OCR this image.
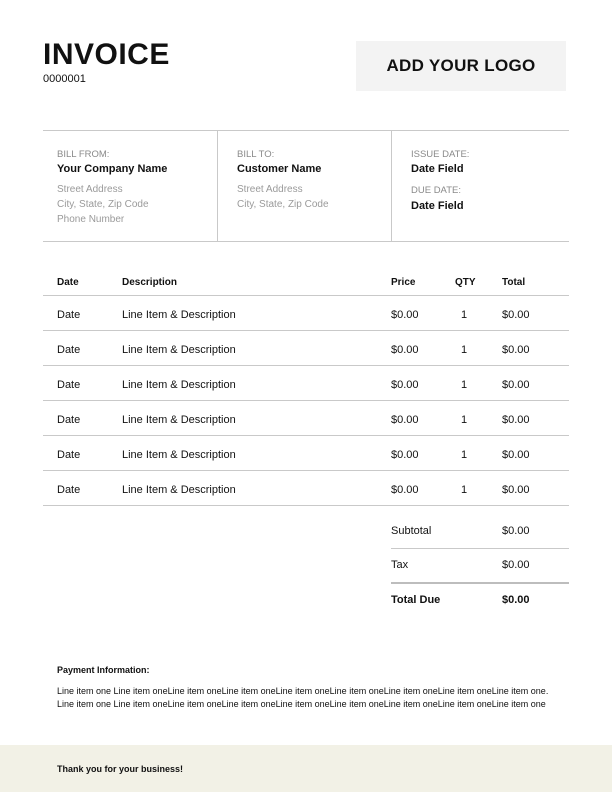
INVOICE
0000001
ADD YOUR LOGO
BILL FROM:
Your Company Name
Street Address
City, State, Zip Code
Phone Number
BILL TO:
Customer Name
Street Address
City, State, Zip Code
ISSUE DATE:
Date Field
DUE DATE:
Date Field
Date	Description	Price	QTY	Total
Date	Line Item & Description	$0.00	1	$0.00
Date	Line Item & Description	$0.00	1	$0.00
Date	Line Item & Description	$0.00	1	$0.00
Date	Line Item & Description	$0.00	1	$0.00
Date	Line Item & Description	$0.00	1	$0.00
Date	Line Item & Description	$0.00	1	$0.00
Subtotal	$0.00
Tax	$0.00
Total Due	$0.00
Payment Information:
Line item one Line item oneLine item oneLine item oneLine item oneLine item oneLine item oneLine item oneLine item one. Line item one Line item oneLine item oneLine item oneLine item oneLine item oneLine item oneLine item oneLine item one
Thank you for your business!
